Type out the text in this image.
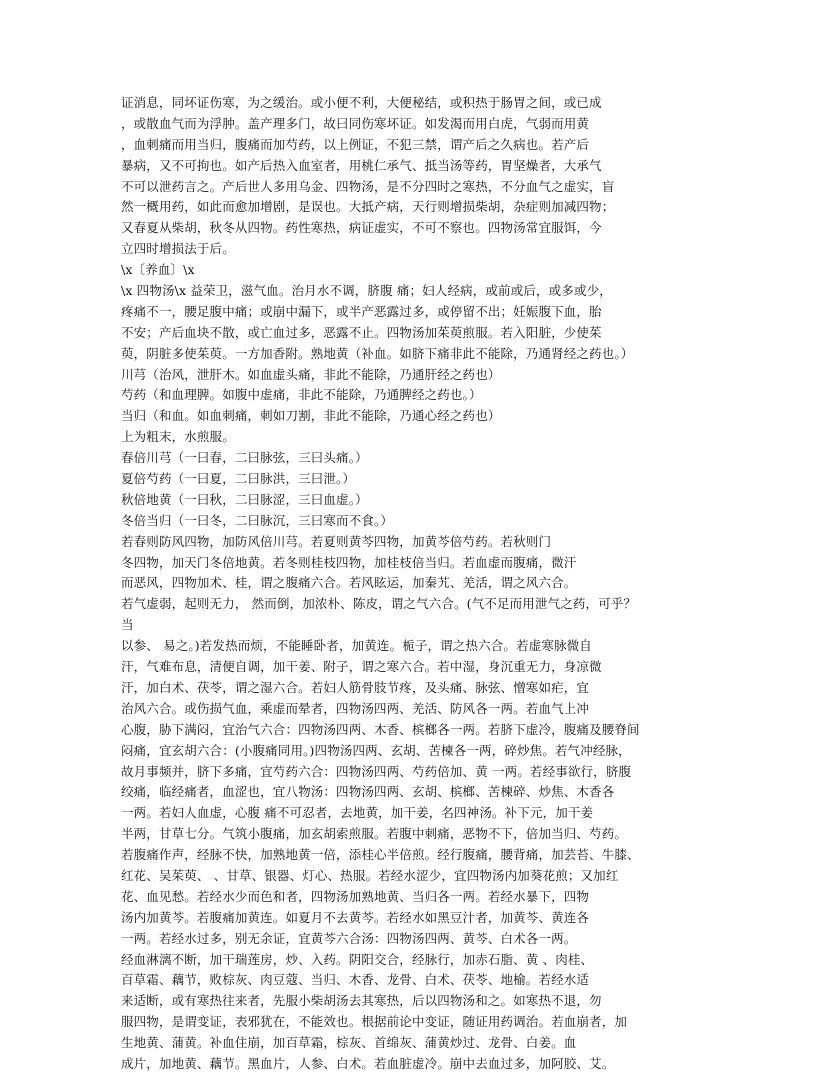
证消息，同坏证伤寒，为之缓治。或小便不利，大便秘结，或积热于肠胃之间，或已成
，或散血气而为浮肿。盖产理多门，故曰同伤寒坏证。如发渴而用白虎，气弱而用黄
，血刺痛而用当归，腹痛而加芍药，以上例证，不犯三禁，谓产后之久病也。若产后
暴病，又不可拘也。如产后热入血室者，用桃仁承气、抵当汤等药，胃坚燥者，大承气
不可以泄药言之。产后世人多用乌金、四物汤，是不分四时之寒热，不分血气之虚实，盲
然一概用药，如此而愈加增剧，是误也。大抵产病，天行则增损柴胡，杂症则加减四物；
又春夏从柴胡，秋冬从四物。药性寒热，病证虚实，不可不察也。四物汤常宜服饵，今
立四时增损法于后。
\x〔养血〕\x
\x 四物汤\x 益荣卫，滋气血。治月水不调，脐腹 痛；妇人经病，或前或后，或多或少，
疼痛不一，腰足腹中痛；或崩中漏下，或半产恶露过多，或停留不出；妊娠腹下血，胎
不安；产后血块不散，或亡血过多，恶露不止。四物汤加茱萸煎服。若入阳脏，少使茱
萸，阴脏多使茱萸。一方加香附。熟地黄（补血。如脐下痛非此不能除，乃通肾经之药也。）
川芎（治风，泄肝木。如血虚头痛，非此不能除，乃通肝经之药也）
芍药（和血理脾。如腹中虚痛，非此不能除，乃通脾经之药也。）
当归（和血。如血刺痛，刺如刀割，非此不能除，乃通心经之药也）
上为粗末，水煎服。
春倍川芎（一曰春，二曰脉弦，三曰头痛。）
夏倍芍药（一曰夏，二曰脉洪，三曰泄。）
秋倍地黄（一曰秋，二曰脉涩，三曰血虚。）
冬倍当归（一曰冬，二曰脉沉，三曰寒而不食。）
若春则防风四物，加防风倍川芎。若夏则黄芩四物，加黄芩倍芍药。若秋则门
冬四物，加天门冬倍地黄。若冬则桂枝四物，加桂枝倍当归。若血虚而腹痛，微汗
而恶风，四物加术、桂，谓之腹痛六合。若风眩运，加秦艽、羌活，谓之风六合。
若气虚弱，起则无力， 然而倒，加浓朴、陈皮，谓之气六合。(气不足而用泄气之药，可乎？
当
以参、 易之。)若发热而烦，不能睡卧者，加黄连。栀子，谓之热六合。若虚寒脉微自
汗，气难布息，清便自调，加干姜、附子，谓之寒六合。若中湿，身沉重无力，身凉微
汗，加白术、茯苓，谓之湿六合。若妇人筋骨肢节疼，及头痛、脉弦、憎寒如疟，宜
治风六合。或伤损气血，乘虚而晕者，四物汤四两、羌活、防风各一两。若血气上冲
心腹，胁下满闷，宜治气六合：四物汤四两、木香、槟榔各一两。若脐下虚冷，腹痛及腰脊间
闷痛，宜玄胡六合：(小腹痛同用。)四物汤四两、玄胡、苦楝各一两，碎炒焦。若气冲经脉，
故月事频并，脐下多痛，宜芍药六合：四物汤四两、芍药倍加、黄 一两。若经事欲行，脐腹
绞痛，临经痛者，血涩也，宜八物汤：四物汤四两、玄胡、槟榔、苦楝碎、炒焦、木香各
一两。若妇人血虚，心腹 痛不可忍者，去地黄，加干姜，名四神汤。补下元，加干姜
半两，甘草七分。气筑小腹痛，加玄胡索煎服。若腹中刺痛，恶物不下，倍加当归、芍药。
若腹痛作声，经脉不快，加熟地黄一倍，添桂心半倍煎。经行腹痛，腰背痛，加芸苔、牛膝、
红花、吴茱萸、 、甘草、银器、灯心、热服。若经水涩少，宜四物汤内加葵花煎；又加红
花、血见愁。若经水少而色和者，四物汤加熟地黄、当归各一两。若经水暴下，四物
汤内加黄芩。若腹痛加黄连。如夏月不去黄芩。若经水如黑豆汁者，加黄芩、黄连各
一两。若经水过多，别无余证，宜黄芩六合汤：四物汤四两、黄芩、白术各一两。
经血淋漓不断，加干瑞莲房，炒、入药。阴阳交合，经脉行，加赤石脂、黄 、肉桂、
百草霜、藕节，败棕灰、肉豆蔻、当归、木香、龙骨、白术、茯苓、地榆。若经水适
来适断，或有寒热往来者，先服小柴胡汤去其寒热，后以四物汤和之。如寒热不退，勿
服四物，是谓变证，表邪犹在，不能效也。根据前论中变证，随证用药调治。若血崩者，加
生地黄、蒲黄。补血住崩，加百草霜，棕灰、首绵灰、蒲黄炒过、龙骨、白姜。血
成片，加地黄、藕节。黑血片，人参、白术。若血脏虚冷。崩中去血过多，加阿胶、艾。
